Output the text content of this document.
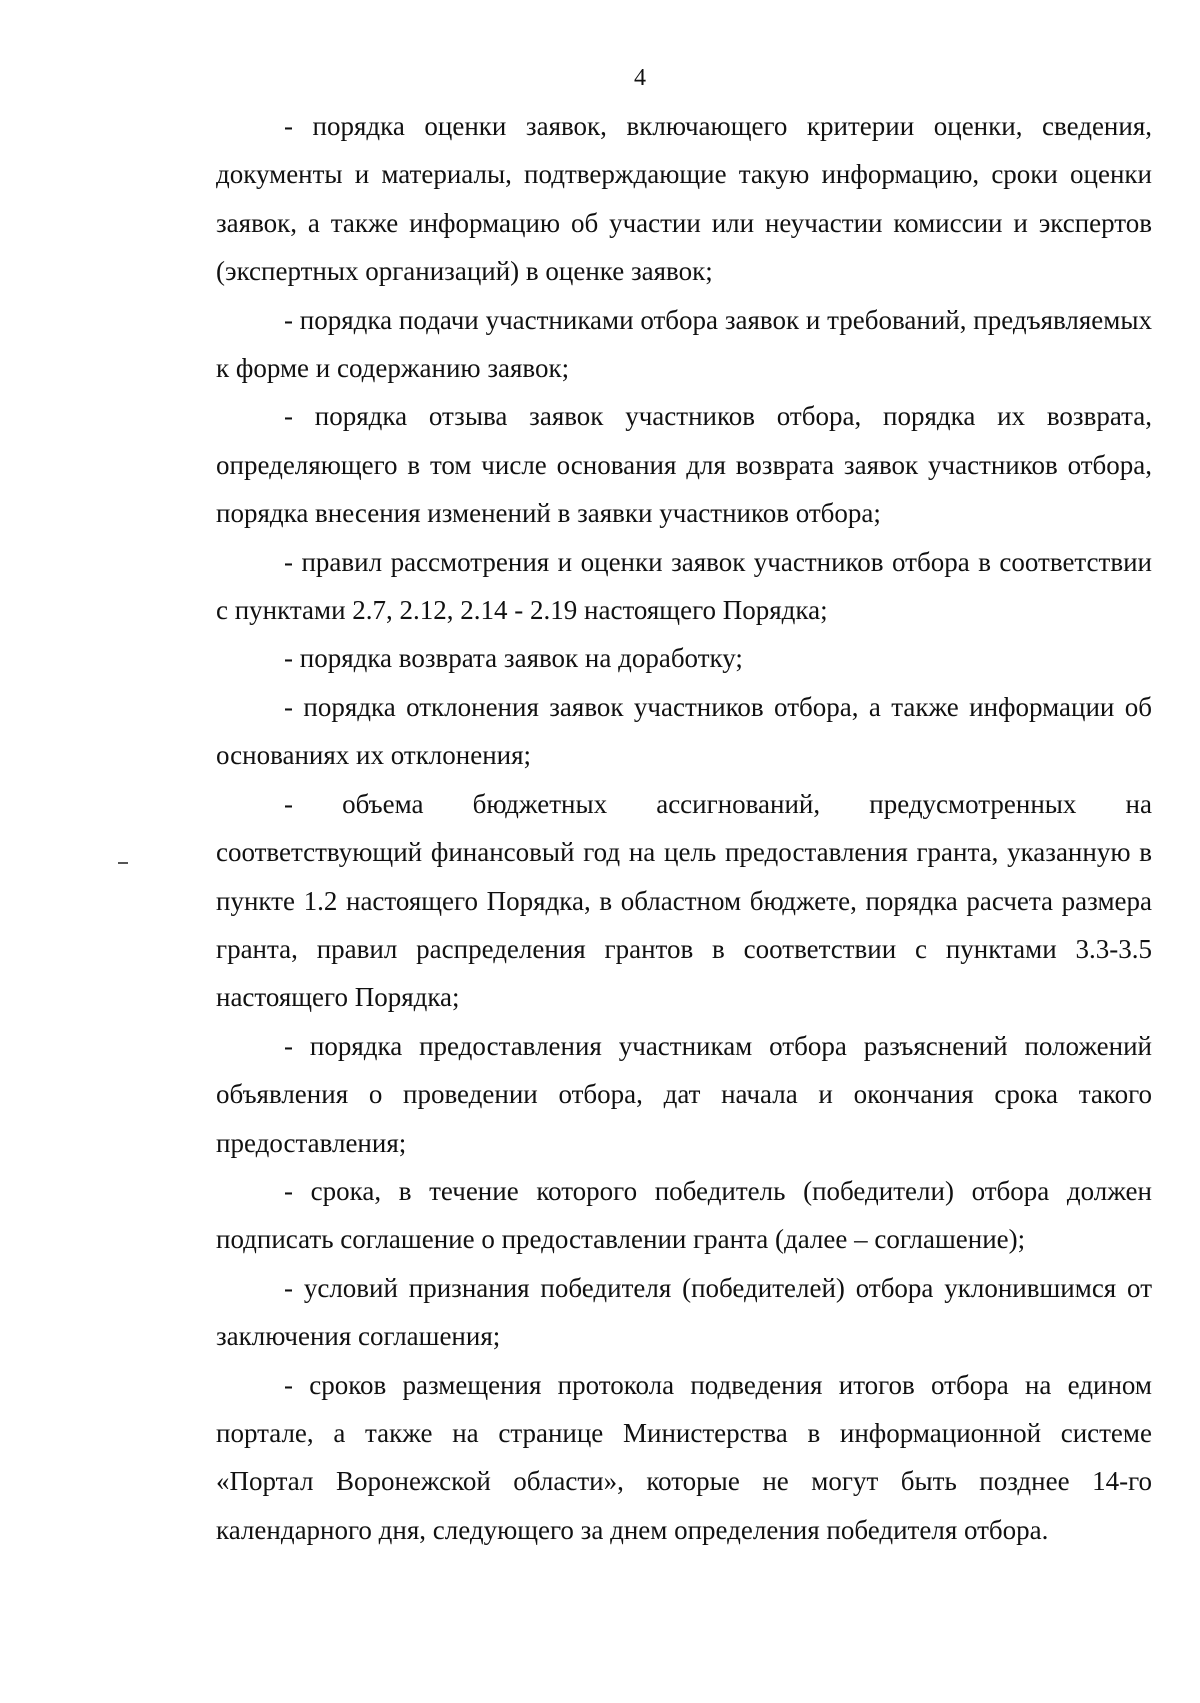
4

- порядка оценки заявок, включающего критерии оценки, сведения, документы и материалы, подтверждающие такую информацию, сроки оценки заявок, а также информацию об участии или неучастии комиссии и экспертов (экспертных организаций) в оценке заявок;

- порядка подачи участниками отбора заявок и требований, предъявляемых к форме и содержанию заявок;

- порядка отзыва заявок участников отбора, порядка их возврата, определяющего в том числе основания для возврата заявок участников отбора, порядка внесения изменений в заявки участников отбора;

- правил рассмотрения и оценки заявок участников отбора в соответствии с пунктами 2.7, 2.12, 2.14 - 2.19 настоящего Порядка;

- порядка возврата заявок на доработку;

- порядка отклонения заявок участников отбора, а также информации об основаниях их отклонения;

- объема бюджетных ассигнований, предусмотренных на соответствующий финансовый год на цель предоставления гранта, указанную в пункте 1.2 настоящего Порядка, в областном бюджете, порядка расчета размера гранта, правил распределения грантов в соответствии с пунктами 3.3-3.5 настоящего Порядка;

- порядка предоставления участникам отбора разъяснений положений объявления о проведении отбора, дат начала и окончания срока такого предоставления;

- срока, в течение которого победитель (победители) отбора должен подписать соглашение о предоставлении гранта (далее – соглашение);

- условий признания победителя (победителей) отбора уклонившимся от заключения соглашения;

- сроков размещения протокола подведения итогов отбора на едином портале, а также на странице Министерства в информационной системе «Портал Воронежской области», которые не могут быть позднее 14-го календарного дня, следующего за днем определения победителя отбора.
